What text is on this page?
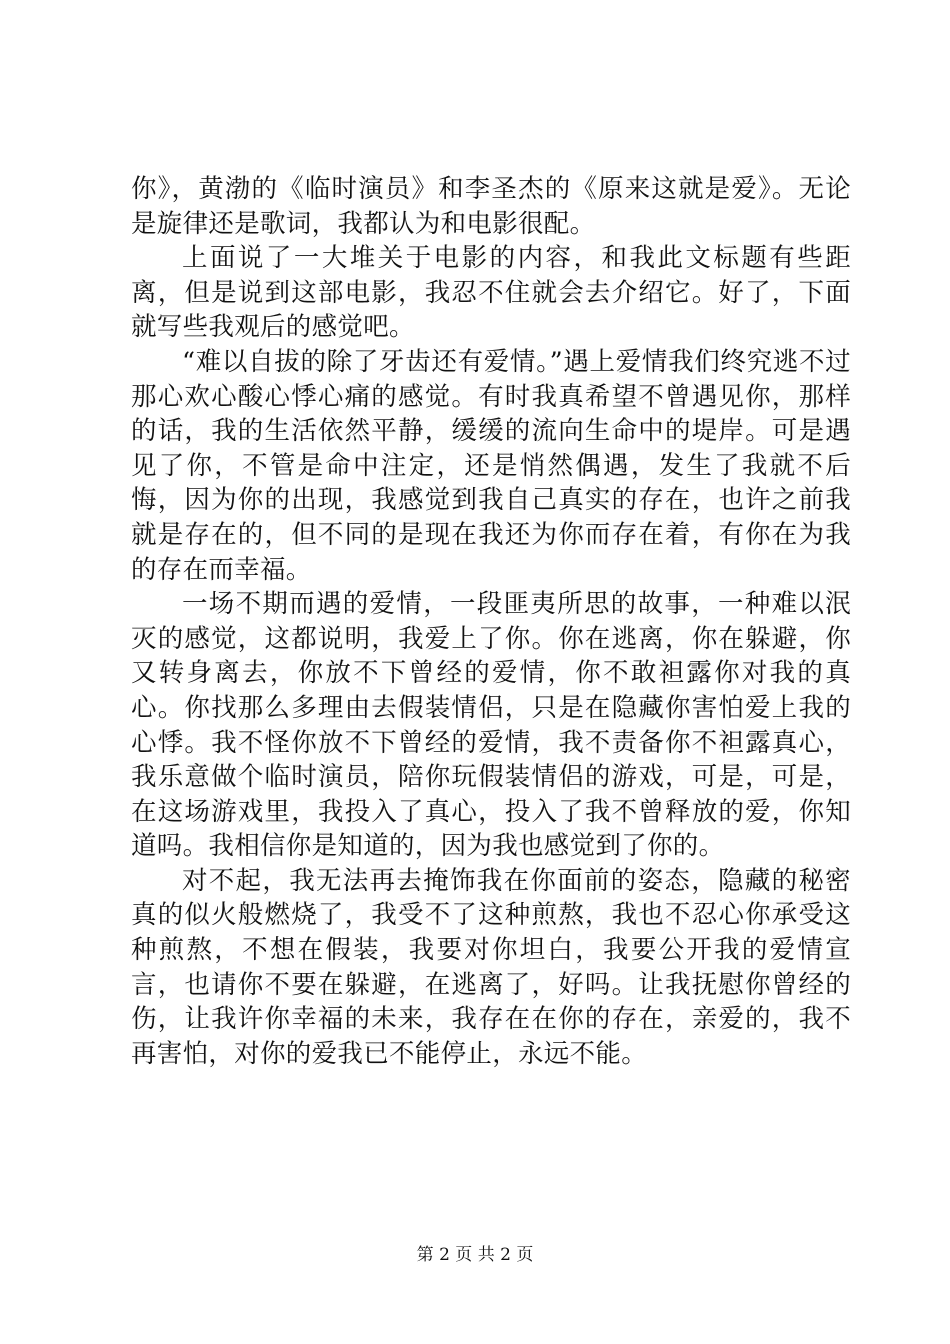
你》，黄渤的《临时演员》和李圣杰的《原来这就是爱》。无论是旋律还是歌词，我都认为和电影很配。

上面说了一大堆关于电影的内容，和我此文标题有些距离，但是说到这部电影，我忍不住就会去介绍它。好了，下面就写些我观后的感觉吧。

“难以自拔的除了牙齿还有爱情。”遇上爱情我们终究逃不过那心欢心酸心悸心痛的感觉。有时我真希望不曾遇见你，那样的话，我的生活依然平静，缓缓的流向生命中的堤岸。可是遇见了你，不管是命中注定，还是悄然偶遇，发生了我就不后悔，因为你的出现，我感觉到我自己真实的存在，也许之前我就是存在的，但不同的是现在我还为你而存在着，有你在为我的存在而幸福。

一场不期而遇的爱情，一段匪夷所思的故事，一种难以泯灭的感觉，这都说明，我爱上了你。你在逃离，你在躲避，你又转身离去，你放不下曾经的爱情，你不敢袒露你对我的真心。你找那么多理由去假装情侣，只是在隐藏你害怕爱上我的心悸。我不怪你放不下曾经的爱情，我不责备你不袒露真心，我乐意做个临时演员，陪你玩假装情侣的游戏，可是，可是，在这场游戏里，我投入了真心，投入了我不曾释放的爱，你知道吗。我相信你是知道的，因为我也感觉到了你的。

对不起，我无法再去掩饰我在你面前的姿态，隐藏的秘密真的似火般燃烧了，我受不了这种煎熬，我也不忍心你承受这种煎熬，不想在假装，我要对你坦白，我要公开我的爱情宣言，也请你不要在躲避，在逃离了，好吗。让我抚慰你曾经的伤，让我许你幸福的未来，我存在在你的存在，亲爱的，我不再害怕，对你的爱我已不能停止，永远不能。

第 2 页 共 2 页
